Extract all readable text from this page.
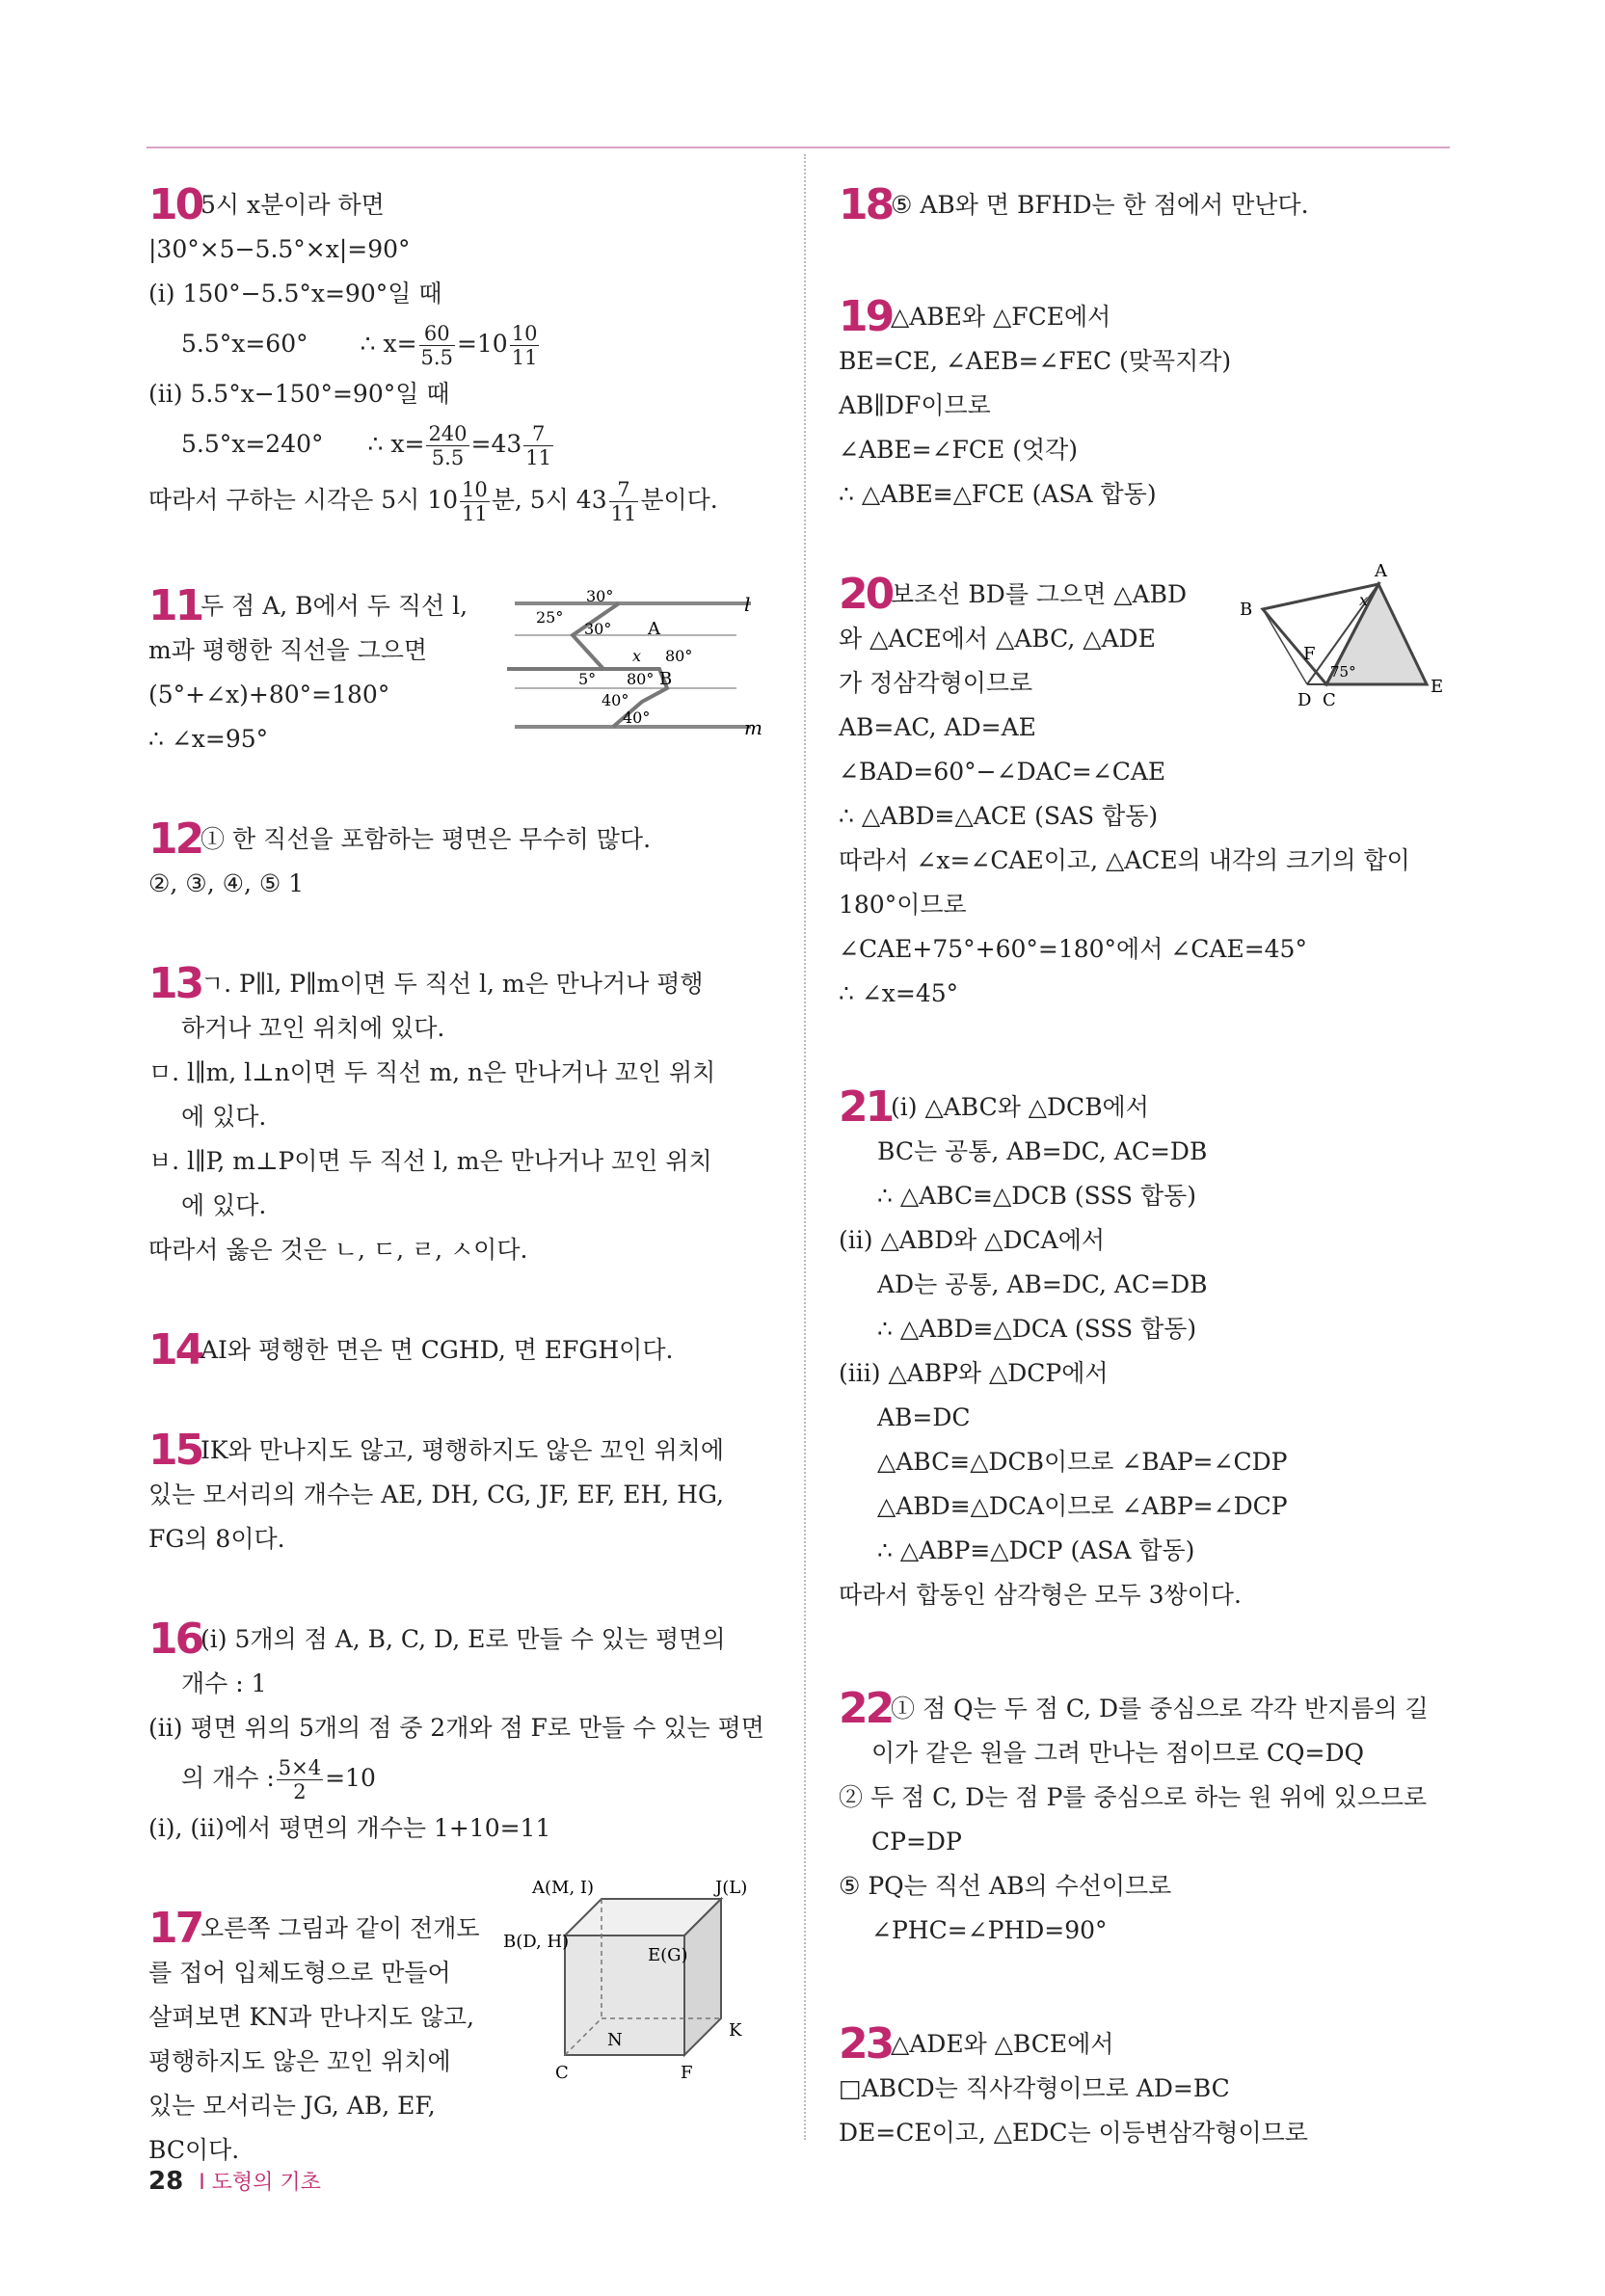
105시 x분이라 하면
|30°×5−5.5°×x|=90°
(ⅰ) 150°−5.5°x=90°일 때
5.5°x=60° ∴ $x= \frac{60}{5.5} =10 \frac{10}{11}$
(ⅱ) 5.5°x−150°=90°일 때
5.5°x=240° ∴ $x= \frac{240}{5.5} =43 \frac{7}{11}$
따라서 구하는 시각은 5시 $10 \frac{10}{11}$ 분, 5시 $43 \frac{7}{11}$ 분이다.
11두 점 A, B에서 두 직선 l,
m과 평행한 직선을 그으면
(5°+∠x)+80°=180°
∴ ∠x=95°
l
m
30°
25°
30° A
x 80°
5° 80° B
40°
40°
12① 한 직선을 포함하는 평면은 무수히 많다.
②, ③, ④, ⑤ 1
13ㄱ. P∥l, P∥m이면 두 직선 l, m은 만나거나 평행
하거나 꼬인 위치에 있다.
ㅁ. l∥m, l⊥n이면 두 직선 m, n은 만나거나 꼬인 위치
에 있다.
ㅂ. l∥P, m⊥P이면 두 직선 l, m은 만나거나 꼬인 위치
에 있다.
따라서 옳은 것은 ㄴ, ㄷ, ㄹ, ㅅ이다.
14AI와 평행한 면은 면 CGHD, 면 EFGH이다.
15IK와 만나지도 않고, 평행하지도 않은 꼬인 위치에
있는 모서리의 개수는 AE, DH, CG, JF, EF, EH, HG,
FG의 8이다.
16(ⅰ) 5개의 점 A, B, C, D, E로 만들 수 있는 평면의
개수 : 1
(ⅱ) 평면 위의 5개의 점 중 2개와 점 F로 만들 수 있는 평면
의 개수 : $\frac{5\times 4}{2} =10$
(ⅰ), (ⅱ)에서 평면의 개수는 1+10=11
17오른쪽 그림과 같이 전개도
를 접어 입체도형으로 만들어
살펴보면 KN과 만나지도 않고,
평행하지도 않은 꼬인 위치에
있는 모서리는 JG, AB, EF,
BC이다.
A(M, I)	J(L)
B(D, H)
E(G)
K
N
C	F
18⑤ AB와 면 BFHD는 한 점에서 만난다.
19△ABE와 △FCE에서
BE=CE, ∠AEB=∠FEC (맞꼭지각)
AB∥DF이므로
∠ABE=∠FCE (엇각)
∴ △ABE≡△FCE (ASA 합동)
20보조선 BD를 그으면 △ABD
와 △ACE에서 △ABC, △ADE
가 정삼각형이므로
AB=AC, AD=AE
∠BAD=60°−∠DAC=∠CAE
∴ △ABD≡△ACE (SAS 합동)
따라서 ∠x=∠CAE이고, △ACE의 내각의 크기의 합이
180°이므로
∠CAE+75°+60°=180°에서 ∠CAE=45°
∴ ∠x=45°
A
B	x
F
75°
D C
E
21(ⅰ) △ABC와 △DCB에서
BC는 공통, AB=DC, AC=DB
∴ △ABC≡△DCB (SSS 합동)
(ⅱ) △ABD와 △DCA에서
AD는 공통, AB=DC, AC=DB
∴ △ABD≡△DCA (SSS 합동)
(ⅲ) △ABP와 △DCP에서
AB=DC
△ABC≡△DCB이므로 ∠BAP=∠CDP
△ABD≡△DCA이므로 ∠ABP=∠DCP
∴ △ABP≡△DCP (ASA 합동)
따라서 합동인 삼각형은 모두 3쌍이다.
22① 점 Q는 두 점 C, D를 중심으로 각각 반지름의 길
이가 같은 원을 그려 만나는 점이므로 CQ=DQ
② 두 점 C, D는 점 P를 중심으로 하는 원 위에 있으므로
CP=DP
⑤ PQ는 직선 AB의 수선이므로
∠PHC=∠PHD=90°
23△ADE와 △BCE에서
□ABCD는 직사각형이므로 AD=BC
DE=CE이고, △EDC는 이등변삼각형이므로
28 Ⅰ 도형의 기초
